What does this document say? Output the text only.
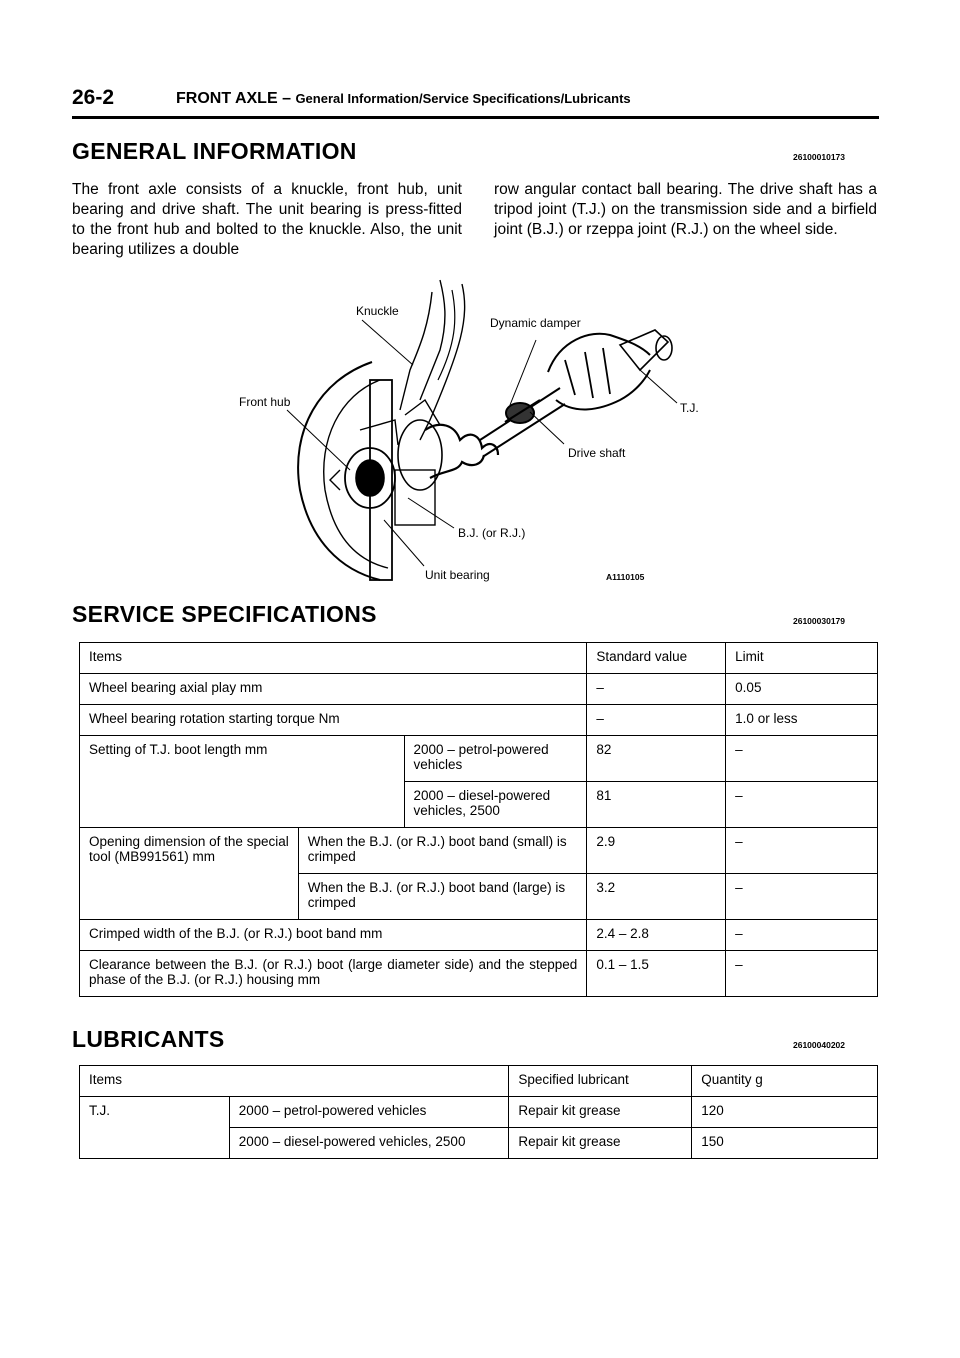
26-2	FRONT AXLE – General Information/Service Specifications/Lubricants
GENERAL INFORMATION	26100010173
The front axle consists of a knuckle, front hub, unit bearing and drive shaft. The unit bearing is press-fitted to the front hub and bolted to the knuckle. Also, the unit bearing utilizes a double
row angular contact ball bearing. The drive shaft has a tripod joint (T.J.) on the transmission side and a birfield joint (B.J.) or rzeppa joint (R.J.) on the wheel side.
Knuckle
Front hub
Dynamic damper
T.J.
Drive shaft
B.J. (or R.J.)
Unit bearing	A1110105
SERVICE SPECIFICATIONS	26100030179
Items			Standard value	Limit
Wheel bearing axial play mm			–	0.05
Wheel bearing rotation starting torque Nm			–	1.0 or less
Setting of T.J. boot length mm		2000 – petrol-powered vehicles	82	–
		2000 – diesel-powered vehicles, 2500	81	–
Opening dimension of the special tool (MB991561) mm	When the B.J. (or R.J.) boot band (small) is crimped		2.9	–
	When the B.J. (or R.J.) boot band (large) is crimped		3.2	–
Crimped width of the B.J. (or R.J.) boot band mm			2.4 – 2.8	–
Clearance between the B.J. (or R.J.) boot (large diameter side) and the stepped phase of the B.J. (or R.J.) housing mm			0.1 – 1.5	–
LUBRICANTS	26100040202
Items		Specified lubricant	Quantity g
T.J.	2000 – petrol-powered vehicles	Repair kit grease	120
	2000 – diesel-powered vehicles, 2500	Repair kit grease	150
